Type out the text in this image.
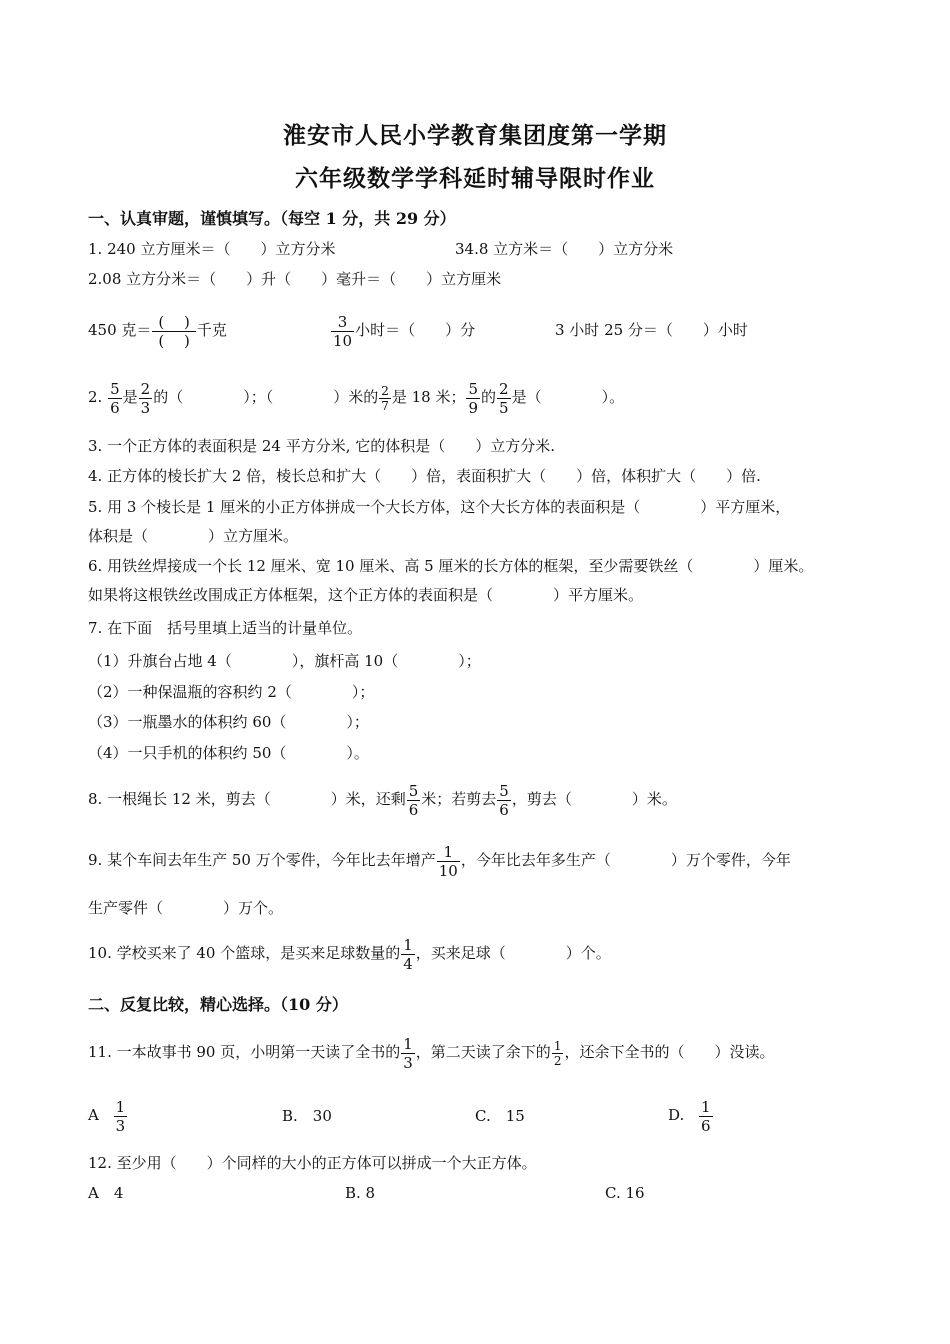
淮安市人民小学教育集团度第一学期
六年级数学学科延时辅导限时作业
一、认真审题，谨慎填写。（每空 1 分，共 29 分）
1. 240 立方厘米＝（　　）立方分米	34.8 立方米＝（　　）立方分米
2.08 立方分米＝（　　）升（　　）毫升＝（　　）立方厘米
450 克＝ $\frac{( )}{( )}$ 千克	$\frac{3}{10}$ 小时＝（　　）分	3 小时 25 分＝（　　）小时
2. $\frac{5}{6}$ 是 $\frac{2}{3}$ 的（　　　　）；（　　　　）米的 $\frac{2}{7}$ 是 18 米； $\frac{5}{9}$ 的 $\frac{2}{5}$ 是（　　　　）。
3. 一个正方体的表面积是 24 平方分米, 它的体积是（　　）立方分米.
4. 正方体的棱长扩大 2 倍，棱长总和扩大（　　）倍，表面积扩大（　　）倍，体积扩大（　　）倍.
5. 用 3 个棱长是 1 厘米的小正方体拼成一个大长方体，这个大长方体的表面积是（　　　　）平方厘米，
体积是（　　　　）立方厘米。
6. 用铁丝焊接成一个长 12 厘米、宽 10 厘米、高 5 厘米的长方体的框架，至少需要铁丝（　　　　）厘米。
如果将这根铁丝改围成正方体框架，这个正方体的表面积是（　　　　）平方厘米。
7. 在下面　括号里填上适当的计量单位。
（1）升旗台占地 4（　　　　），旗杆高 10（　　　　）；
（2）一种保温瓶的容积约 2（　　　　）；
（3）一瓶墨水的体积约 60（　　　　）；
（4）一只手机的体积约 50（　　　　）。
8. 一根绳长 12 米，剪去（　　　　）米，还剩 $\frac{5}{6}$ 米；若剪去 $\frac{5}{6}$ ，剪去（　　　　）米。
9. 某个车间去年生产 50 万个零件，今年比去年增产 $\frac{1}{10}$ ，今年比去年多生产（　　　　）万个零件，今年
生产零件（　　　　）万个。
10. 学校买来了 40 个篮球，是买来足球数量的 $\frac{1}{4}$ ，买来足球（　　　　）个。
二、反复比较，精心选择。（10 分）
11. 一本故事书 90 页，小明第一天读了全书的 $\frac{1}{3}$ ，第二天读了余下的 $\frac{1}{2}$ ，还余下全书的（　　）没读。
A $\frac{1}{3}$	B.　30	C.　15	D. $\frac{1}{6}$
12. 至少用（　　）个同样的大小的正方体可以拼成一个大正方体。
A　4	B. 8	C. 16
